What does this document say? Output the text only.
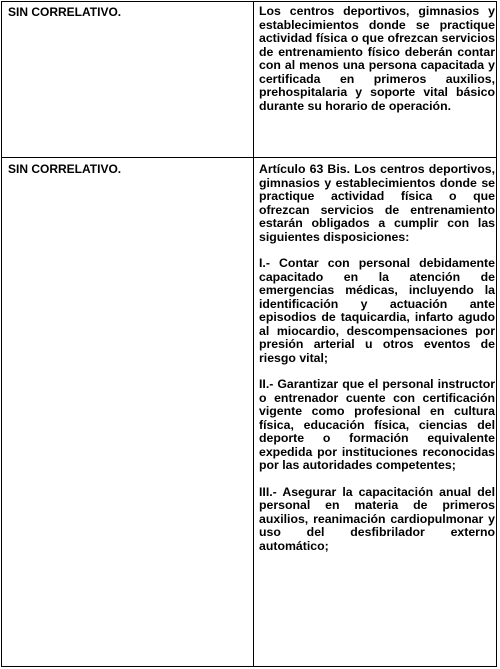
SIN CORRELATIVO.	Los centros deportivos, gimnasios y establecimientos donde se practique actividad física o que ofrezcan servicios de entrenamiento físico deberán contar con al menos una persona capacitada y certificada en primeros auxilios, prehospitalaria y soporte vital básico durante su horario de operación.

SIN CORRELATIVO.	Artículo 63 Bis. Los centros deportivos, gimnasios y establecimientos donde se practique actividad física o que ofrezcan servicios de entrenamiento estarán obligados a cumplir con las siguientes disposiciones:

I.- Contar con personal debidamente capacitado en la atención de emergencias médicas, incluyendo la identificación y actuación ante episodios de taquicardia, infarto agudo al miocardio, descompensaciones por presión arterial u otros eventos de riesgo vital;

II.- Garantizar que el personal instructor o entrenador cuente con certificación vigente como profesional en cultura física, educación física, ciencias del deporte o formación equivalente expedida por instituciones reconocidas por las autoridades competentes;

III.- Asegurar la capacitación anual del personal en materia de primeros auxilios, reanimación cardiopulmonar y uso del desfibrilador externo automático;
